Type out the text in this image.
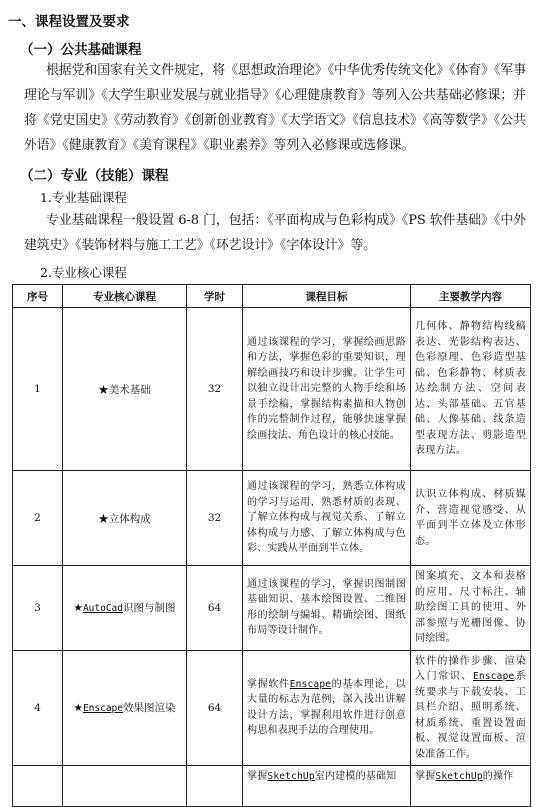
一、课程设置及要求
（一）公共基础课程

根据党和国家有关文件规定，将《思想政治理论》《中华优秀传统文化》《体育》《军事理论与军训》《大学生职业发展与就业指导》《心理健康教育》等列入公共基础必修课；并将《党史国史》《劳动教育》《创新创业教育》《大学语文》《信息技术》《高等数学》《公共外语》《健康教育》《美育课程》《职业素养》等列入必修课或选修课。

（二）专业（技能）课程
1.专业基础课程

专业基础课程一般设置 6-8 门，包括：《平面构成与色彩构成》《PS 软件基础》《中外建筑史》《装饰材料与施工工艺》《环艺设计》《字体设计》等。

2.专业核心课程
序号	专业核心课程	学时	课程目标	主要教学内容
1	★美术基础	32	通过该课程的学习，掌握绘画思路和方法，掌握色彩的重要知识，理解绘画技巧和设计步骤。让学生可以独立设计出完整的人物手绘和场景手绘稿，掌握结构素描和人物创作的完整制作过程，能够快速掌握绘画技法、角色设计的核心技能。	几何体、静物结构线稿表达、光影结构表达、色彩原理、色彩造型基础、色彩静物、材质表达绘制方法、空间表达、头部基础、五官基础、人像基础、线条造型表现方法、剪影造型表现方法。
2	★立体构成	32	通过该课程的学习，熟悉立体构成的学习与运用，熟悉材质的表现、了解立体构成与视觉关系、了解立体构成与力感、了解立体构成与色彩、实践从平面到半立体。	认识立体构成、材质媒介、营造视觉感受、从平面到半立体及立体形态。
3	★AutoCad识图与制图	64	通过该课程的学习，掌握识图制图基础知识、基本绘图设置、二维图形的绘制与编辑、精确绘图、图纸布局等设计制作。	图案填充、文本和表格的应用、尺寸标注、辅助绘图工具的使用、外部参照与光栅图像、协同绘图。
4	★Enscape效果图渲染	64	掌握软件Enscape的基本理论，以大量的标志为范例，深入浅出讲解设计方法，掌握利用软件进行创意构思和表现手法的合理使用。	软件的操作步骤、渲染入门常识、Enscape系统要求与下载安装、工具栏介绍、照明系统、材质系统、重置设置面板、视觉设置面板、渲染准备工作。
			掌握SketchUp室内建模的基础知	掌握SketchUp的操作
